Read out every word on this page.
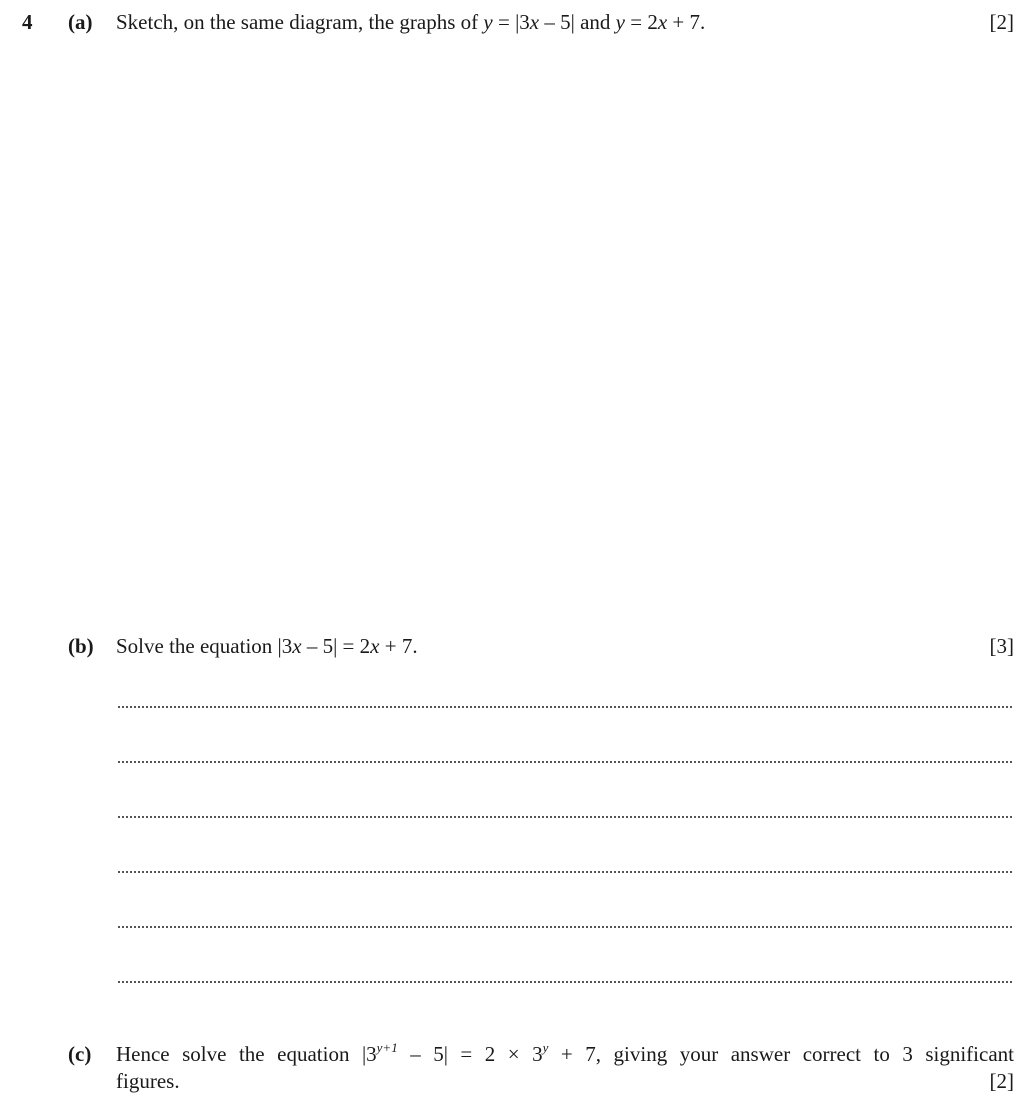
4 (a) Sketch, on the same diagram, the graphs of y = |3x – 5| and y = 2x + 7.	[2]
(b) Solve the equation |3x – 5| = 2x + 7.	[3]
(c) Hence solve the equation $|3^{y+1} - 5| = 2 \times 3^y + 7$, giving your answer correct to 3 significant
figures.	[2]
